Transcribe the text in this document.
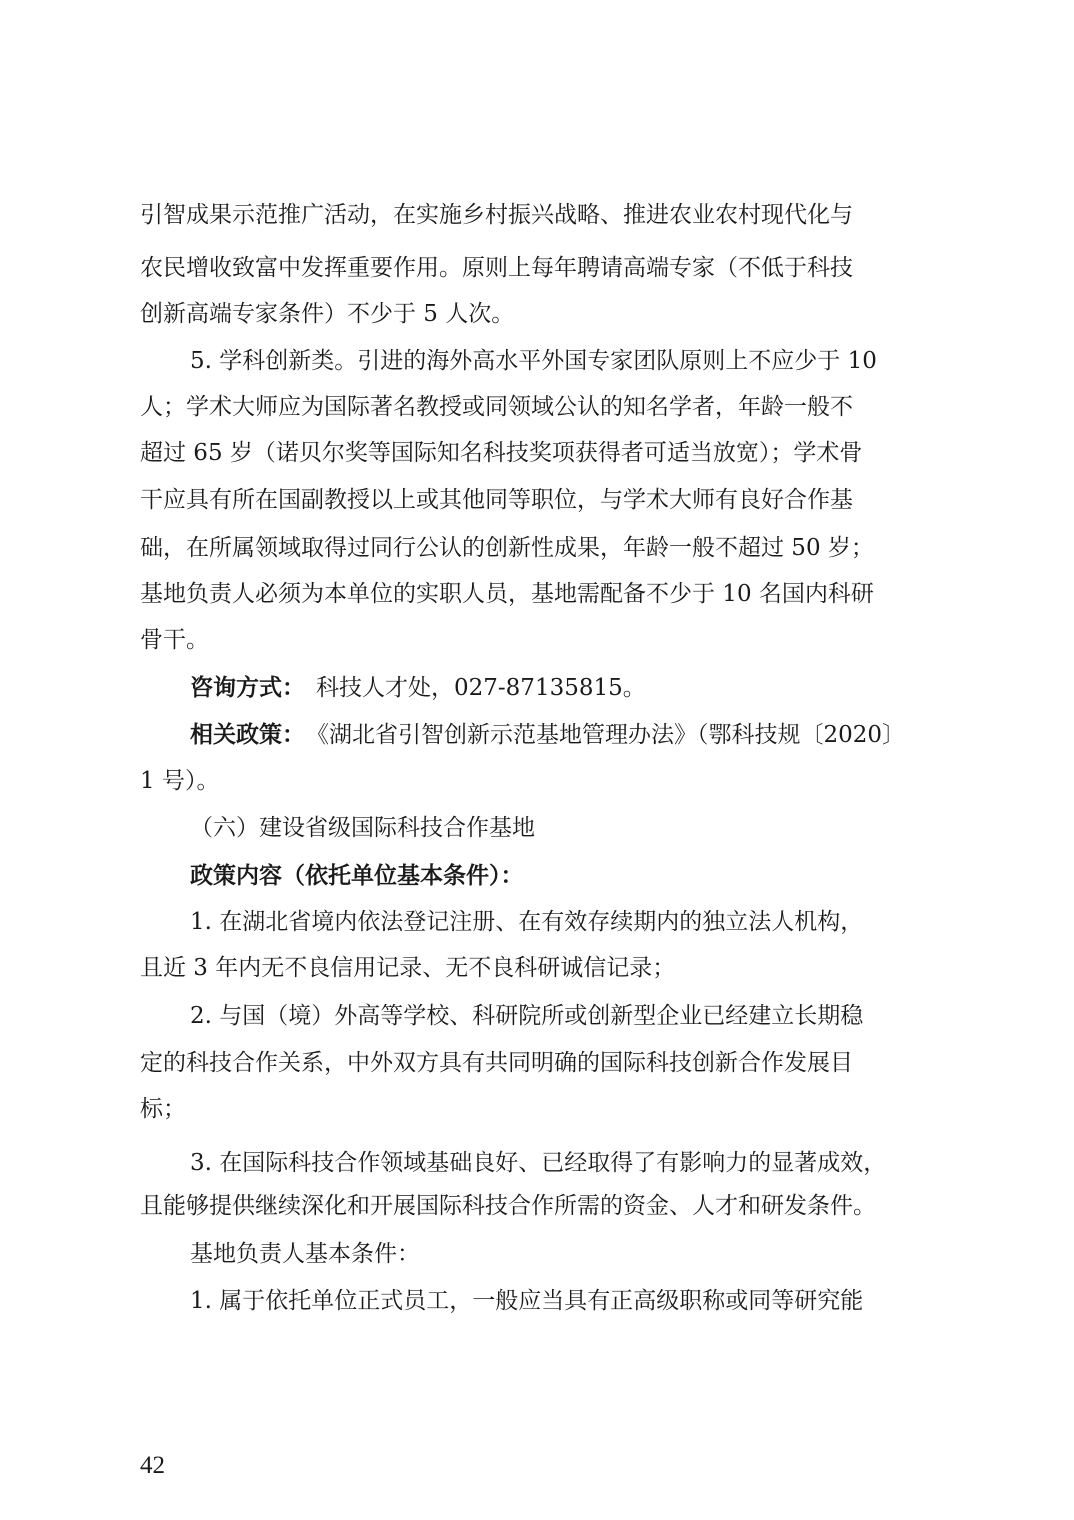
引智成果示范推广活动，在实施乡村振兴战略、推进农业农村现代化与
农民增收致富中发挥重要作用。原则上每年聘请高端专家（不低于科技
创新高端专家条件）不少于 5 人次。
5. 学科创新类。引进的海外高水平外国专家团队原则上不应少于 10
人；学术大师应为国际著名教授或同领域公认的知名学者，年龄一般不
超过 65 岁（诺贝尔奖等国际知名科技奖项获得者可适当放宽）；学术骨
干应具有所在国副教授以上或其他同等职位，与学术大师有良好合作基
础，在所属领域取得过同行公认的创新性成果，年龄一般不超过 50 岁；
基地负责人必须为本单位的实职人员，基地需配备不少于 10 名国内科研
骨干。
咨询方式： 科技人才处，027-87135815。
相关政策： 《湖北省引智创新示范基地管理办法》（鄂科技规〔2020〕
1 号）。
（六）建设省级国际科技合作基地
政策内容（依托单位基本条件）：
1. 在湖北省境内依法登记注册、在有效存续期内的独立法人机构，
且近 3 年内无不良信用记录、无不良科研诚信记录；
2. 与国（境）外高等学校、科研院所或创新型企业已经建立长期稳
定的科技合作关系，中外双方具有共同明确的国际科技创新合作发展目
标；
3. 在国际科技合作领域基础良好、已经取得了有影响力的显著成效，
且能够提供继续深化和开展国际科技合作所需的资金、人才和研发条件。
基地负责人基本条件：
1. 属于依托单位正式员工，一般应当具有正高级职称或同等研究能
42
